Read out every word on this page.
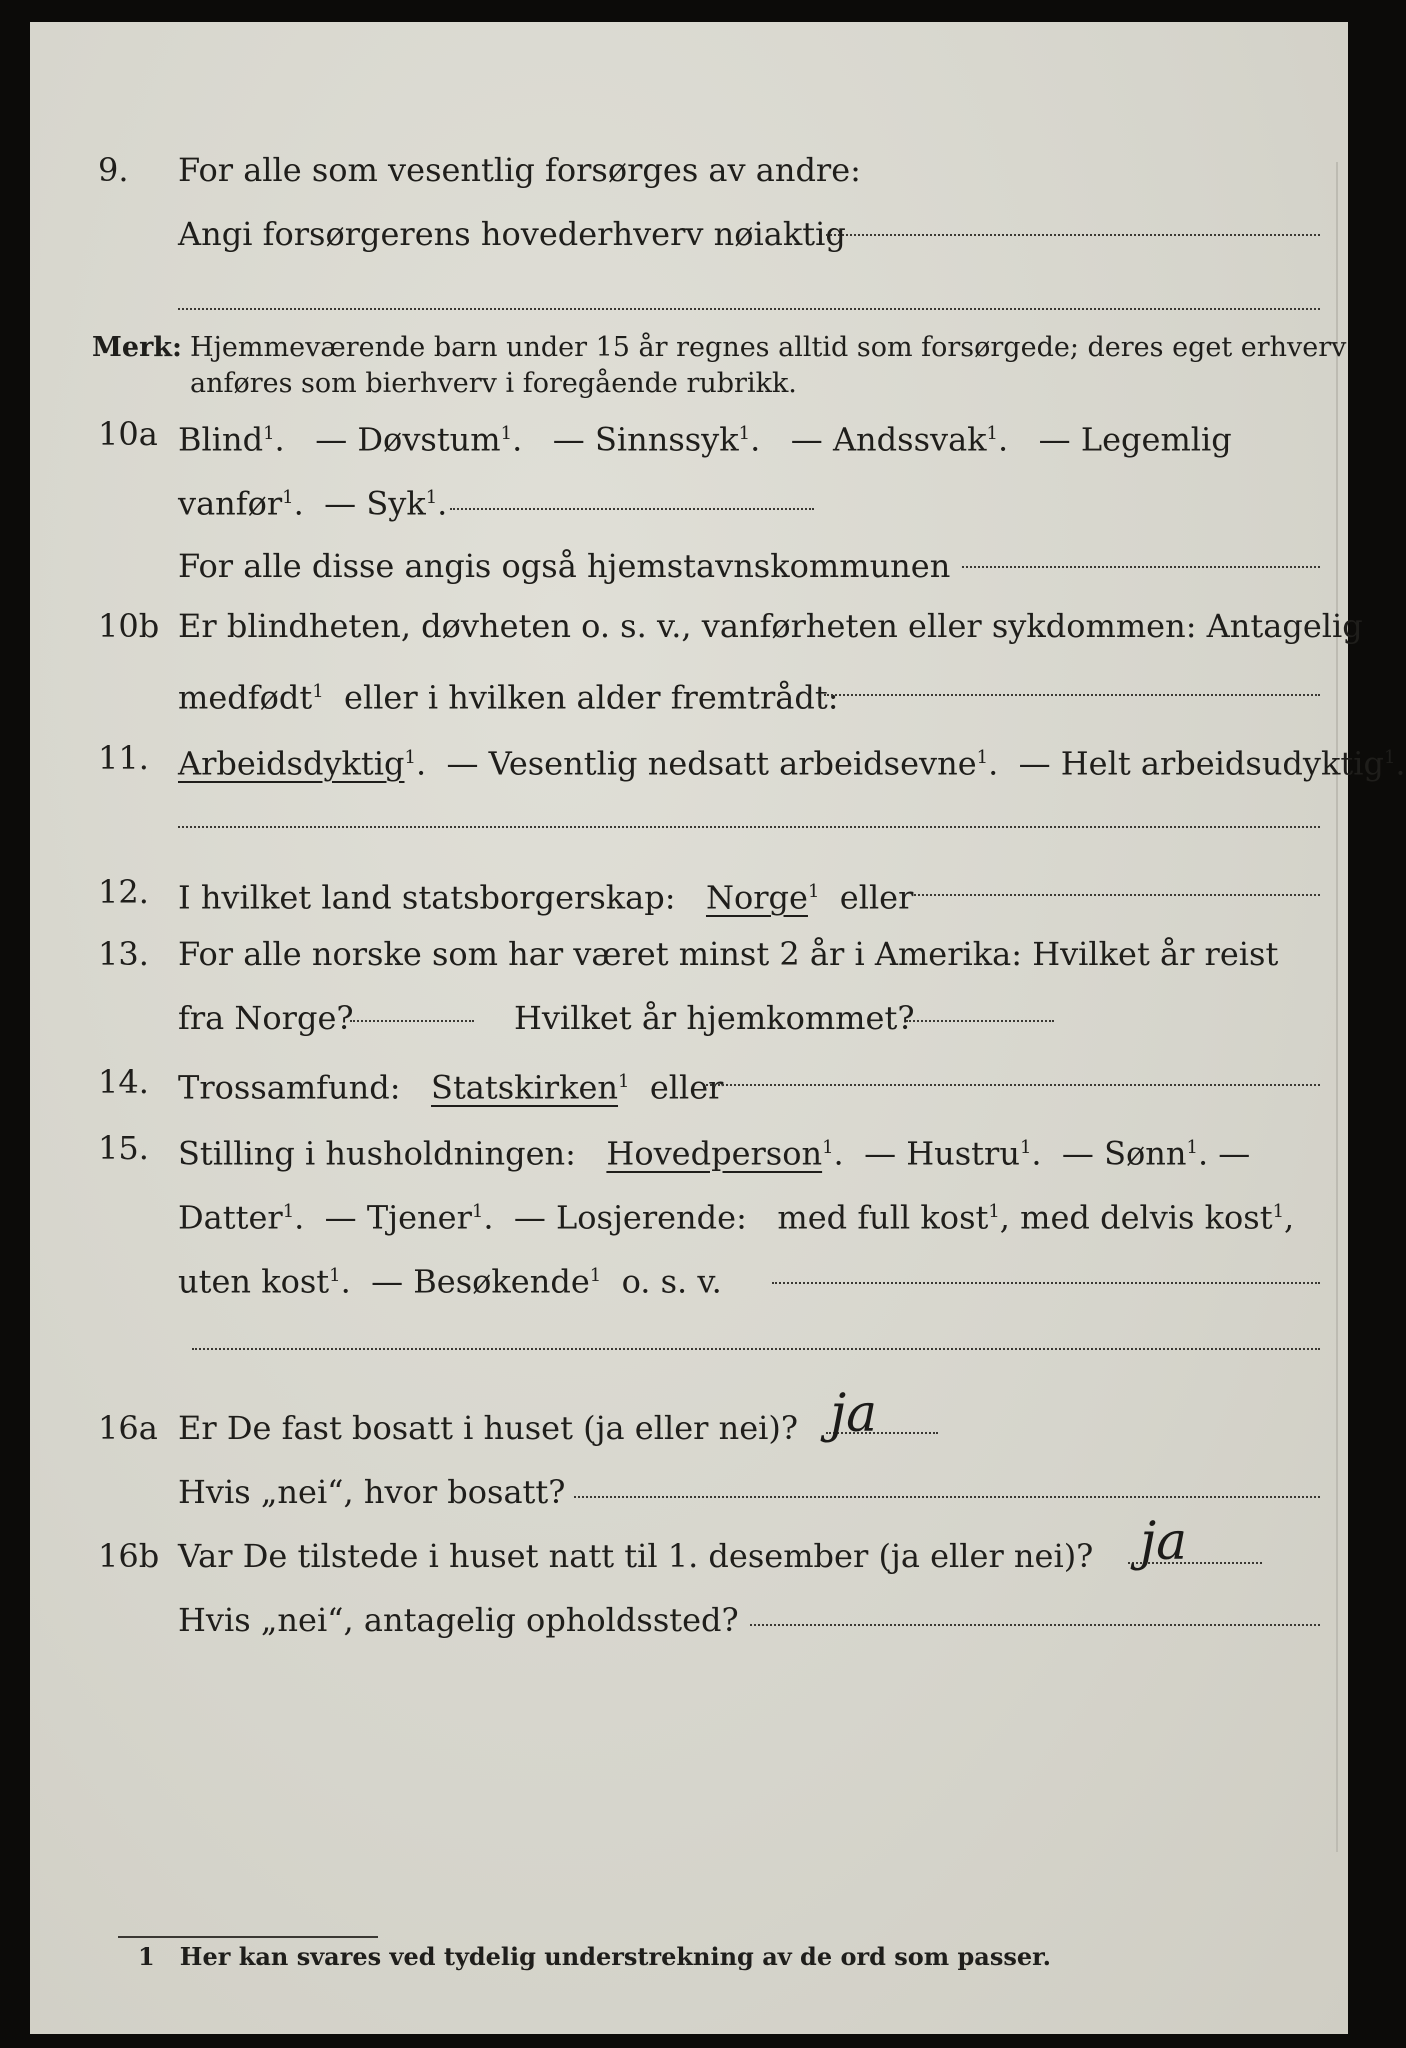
9. For alle som vesentlig forsørges av andre:
Angi forsørgerens hovederhverv nøiaktig
Merk: Hjemmeværende barn under 15 år regnes alltid som forsørgede; deres eget erhverv
anføres som bierhverv i foregående rubrikk.
10a Blind$^1$.   — Døvstum$^1$.   — Sinnssyk$^1$.   — Andssvak$^1$.   — Legemlig
vanfør$^1$.  — Syk$^1$.
For alle disse angis også hjemstavnskommunen
10b Er blindheten, døvheten o. s. v., vanførheten eller sykdommen: Antagelig
medfødt$^1$ eller i hvilken alder fremtrådt:
11. Arbeidsdyktig$^1$.  — Vesentlig nedsatt arbeidsevne$^1$.  — Helt arbeidsudyktig$^1$.
12. I hvilket land statsborgerskap: Norge$^1$ eller
13. For alle norske som har været minst 2 år i Amerika: Hvilket år reist
fra Norge?	Hvilket år hjemkommet?
14. Trossamfund: Statskirken$^1$ eller
15. Stilling i husholdningen: Hovedperson$^1$.  — Hustru$^1$.  — Sønn$^1$. —
Datter$^1$.  — Tjener$^1$.  — Losjerende: med full kost$^1$, med delvis kost$^1$,
uten kost$^1$.  — Besøkende$^1$ o. s. v.
16a Er De fast bosatt i huset (ja eller nei)? ja
Hvis „nei“, hvor bosatt?
16b Var De tilstede i huset natt til 1. desember (ja eller nei)? ja
Hvis „nei“, antagelig opholdssted?
1 Her kan svares ved tydelig understrekning av de ord som passer.
